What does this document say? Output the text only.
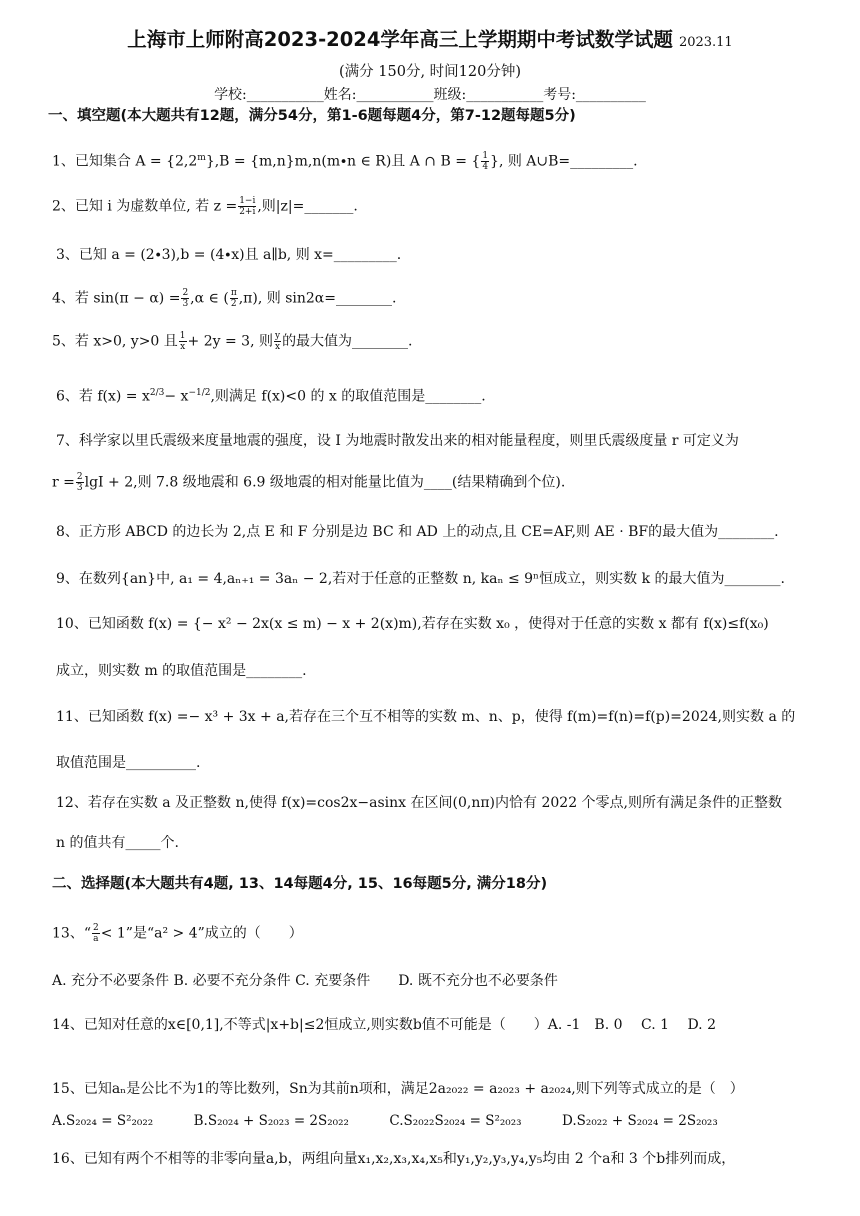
上海市上师附高2023-2024学年高三上学期期中考试数学试题 2023.11
(满分 150分, 时间120分钟)
学校:___________姓名:___________班级:___________考号:__________
一、填空题(本大题共有12题，满分54分，第1-6题每题4分，第7-12题每题5分)
1、已知集合 $A = \{2,2^m\},B = \{m,n\}m,n(m\cdot n$ ∈ R)且 A ∩ B = { $\frac{1}{4}$ }, 则 A∪B=_________.
2、已知 i 为虚数单位, 若 $z = \frac{1-i}{2+i}$ ,则|z|=_______.
3、已知 a = (2∙3),b = (4∙x)且 a∥b, 则 x=_________.
4、若 $\sin(\pi - \alpha) = \frac{2}{3} ,\alpha$ ∈ ( $\frac{\pi}{2} ,\pi$), 则 sin2α=________.
5、若 x>0, y>0 且 $\frac{1}{x} + 2y = 3$, 则 $\frac{y}{x}$ 的最大值为________.
6、若 $f(x) = x^{2/3}- x^{-1/2}$,则满足 f(x)<0 的 x 的取值范围是________.
7、科学家以里氏震级来度量地震的强度，设 I 为地震时散发出来的相对能量程度，则里氏震级度量 r 可定义为
$r = \frac{2}{3}$ lgI + 2,则 7.8 级地震和 6.9 级地震的相对能量比值为____(结果精确到个位).
8、正方形 ABCD 的边长为 2,点 E 和 F 分别是边 BC 和 AD 上的动点,且 CE=AF,则 AE · BF的最大值为________.
9、在数列{an}中, a₁ = 4,aₙ₊₁ = 3aₙ − 2,若对于任意的正整数 n, kaₙ ≤ 9ⁿ恒成立，则实数 k 的最大值为________.
10、已知函数 f(x) = {− x² − 2x(x ≤ m) − x + 2(x)m),若存在实数 x₀ ，使得对于任意的实数 x 都有 f(x)≤f(x₀)
成立，则实数 m 的取值范围是________.
11、已知函数 f(x) =− x³ + 3x + a,若存在三个互不相等的实数 m、n、p，使得 f(m)=f(n)=f(p)=2024,则实数 a 的
取值范围是__________.
12、若存在实数 a 及正整数 n,使得 f(x)=cos2x−asinx 在区间(0,nπ)内恰有 2022 个零点,则所有满足条件的正整数
n 的值共有_____个.
二、选择题(本大题共有4题, 13、14每题4分, 15、16每题5分, 满分18分)
13、“ $\frac{2}{a} < 1$”是“a² > 4”成立的（　　）
A. 充分不必要条件 B. 必要不充分条件 C. 充要条件　　D. 既不充分也不必要条件
14、已知对任意的x∈[0,1],不等式|x+b|≤2恒成立,则实数b值不可能是（　　）A. -1　B. 0　 C. 1　 D. 2
15、已知aₙ是公比不为1的等比数列，Sn为其前n项和，满足2a₂₀₂₂ = a₂₀₂₃ + a₂₀₂₄,则下列等式成立的是（　）
A.S₂₀₂₄ = S²₂₀₂₂　　　B.S₂₀₂₄ + S₂₀₂₃ = 2S₂₀₂₂　　　C.S₂₀₂₂S₂₀₂₄ = S²₂₀₂₃　　　D.S₂₀₂₂ + S₂₀₂₄ = 2S₂₀₂₃
16、已知有两个不相等的非零向量a,b，两组向量x₁,x₂,x₃,x₄,x₅和y₁,y₂,y₃,y₄,y₅均由 2 个a和 3 个b排列而成，
